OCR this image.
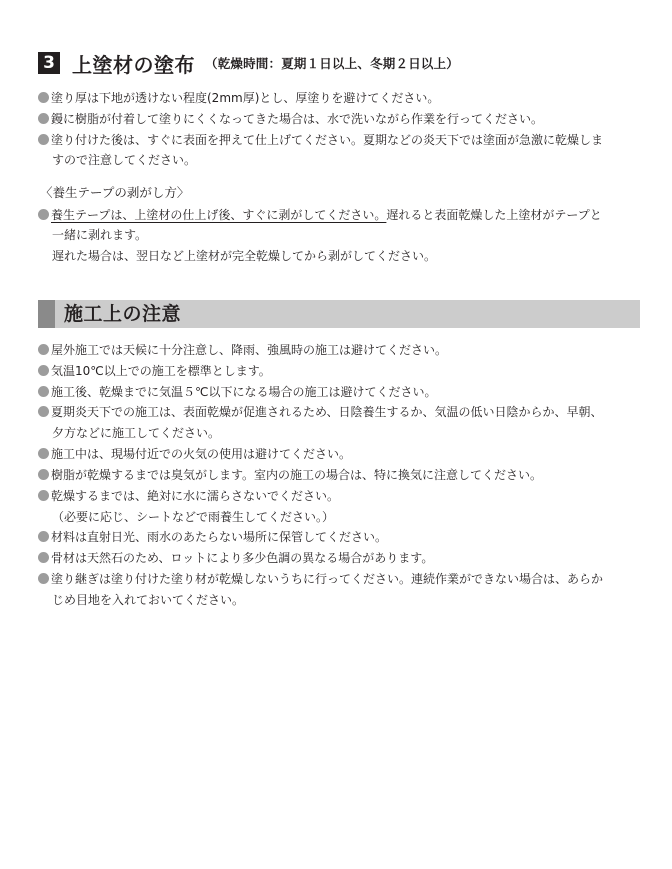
3 上塗材の塗布 （乾燥時間：夏期１日以上、冬期２日以上）
塗り厚は下地が透けない程度(2mm厚)とし、厚塗りを避けてください。
鏝に樹脂が付着して塗りにくくなってきた場合は、水で洗いながら作業を行ってください。
塗り付けた後は、すぐに表面を押えて仕上げてください。夏期などの炎天下では塗面が急激に乾燥しま
すので注意してください。
〈養生テープの剥がし方〉
養生テープは、上塗材の仕上げ後、すぐに剥がしてください。遅れると表面乾燥した上塗材がテープと
一緒に剥れます。
遅れた場合は、翌日など上塗材が完全乾燥してから剥がしてください。
施工上の注意
屋外施工では天候に十分注意し、降雨、強風時の施工は避けてください。
気温10℃以上での施工を標準とします。
施工後、乾燥までに気温５℃以下になる場合の施工は避けてください。
夏期炎天下での施工は、表面乾燥が促進されるため、日陰養生するか、気温の低い日陰からか、早朝、
夕方などに施工してください。
施工中は、現場付近での火気の使用は避けてください。
樹脂が乾燥するまでは臭気がします。室内の施工の場合は、特に換気に注意してください。
乾燥するまでは、絶対に水に濡らさないでください。
（必要に応じ、シートなどで雨養生してください。）
材料は直射日光、雨水のあたらない場所に保管してください。
骨材は天然石のため、ロットにより多少色調の異なる場合があります。
塗り継ぎは塗り付けた塗り材が乾燥しないうちに行ってください。連続作業ができない場合は、あらか
じめ目地を入れておいてください。
